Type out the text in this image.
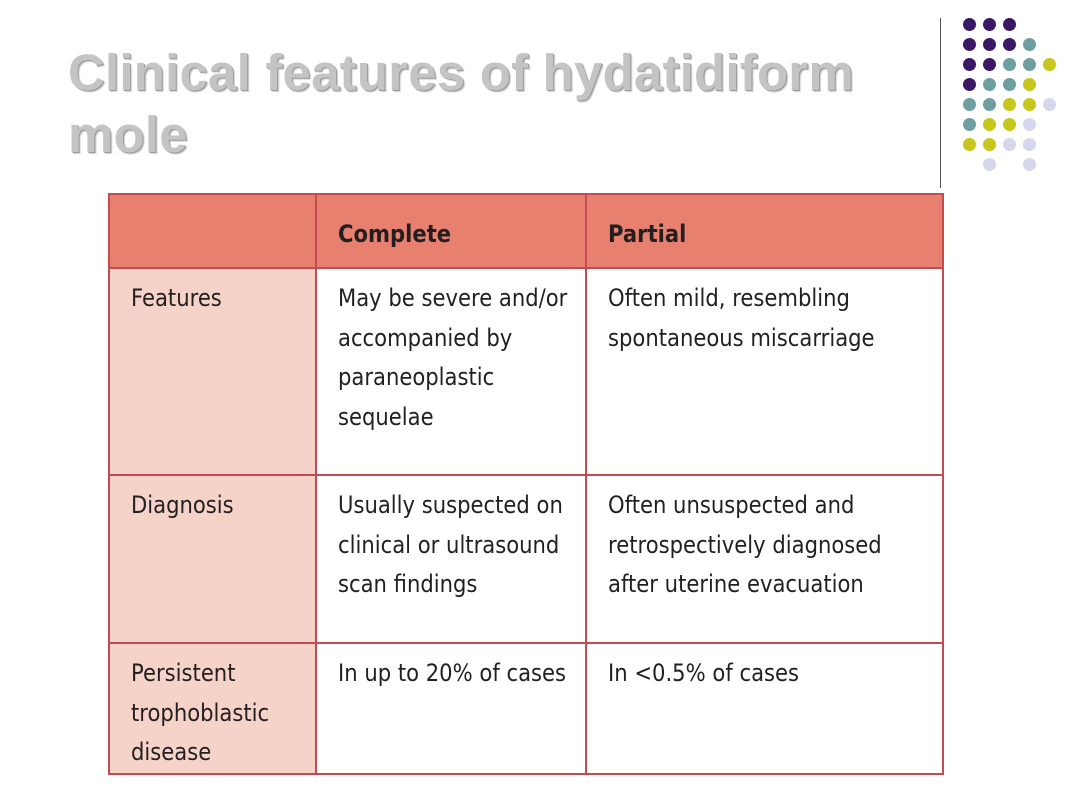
Clinical features of hydatidiform mole
	Complete	Partial

Features	May be severe and/or accompanied by paraneoplastic sequelae	Often mild, resembling spontaneous miscarriage

Diagnosis	Usually suspected on clinical or ultrasound scan findings	Often unsuspected and retrospectively diagnosed after uterine evacuation

Persistent trophoblastic disease	In up to 20% of cases	In <0.5% of cases
